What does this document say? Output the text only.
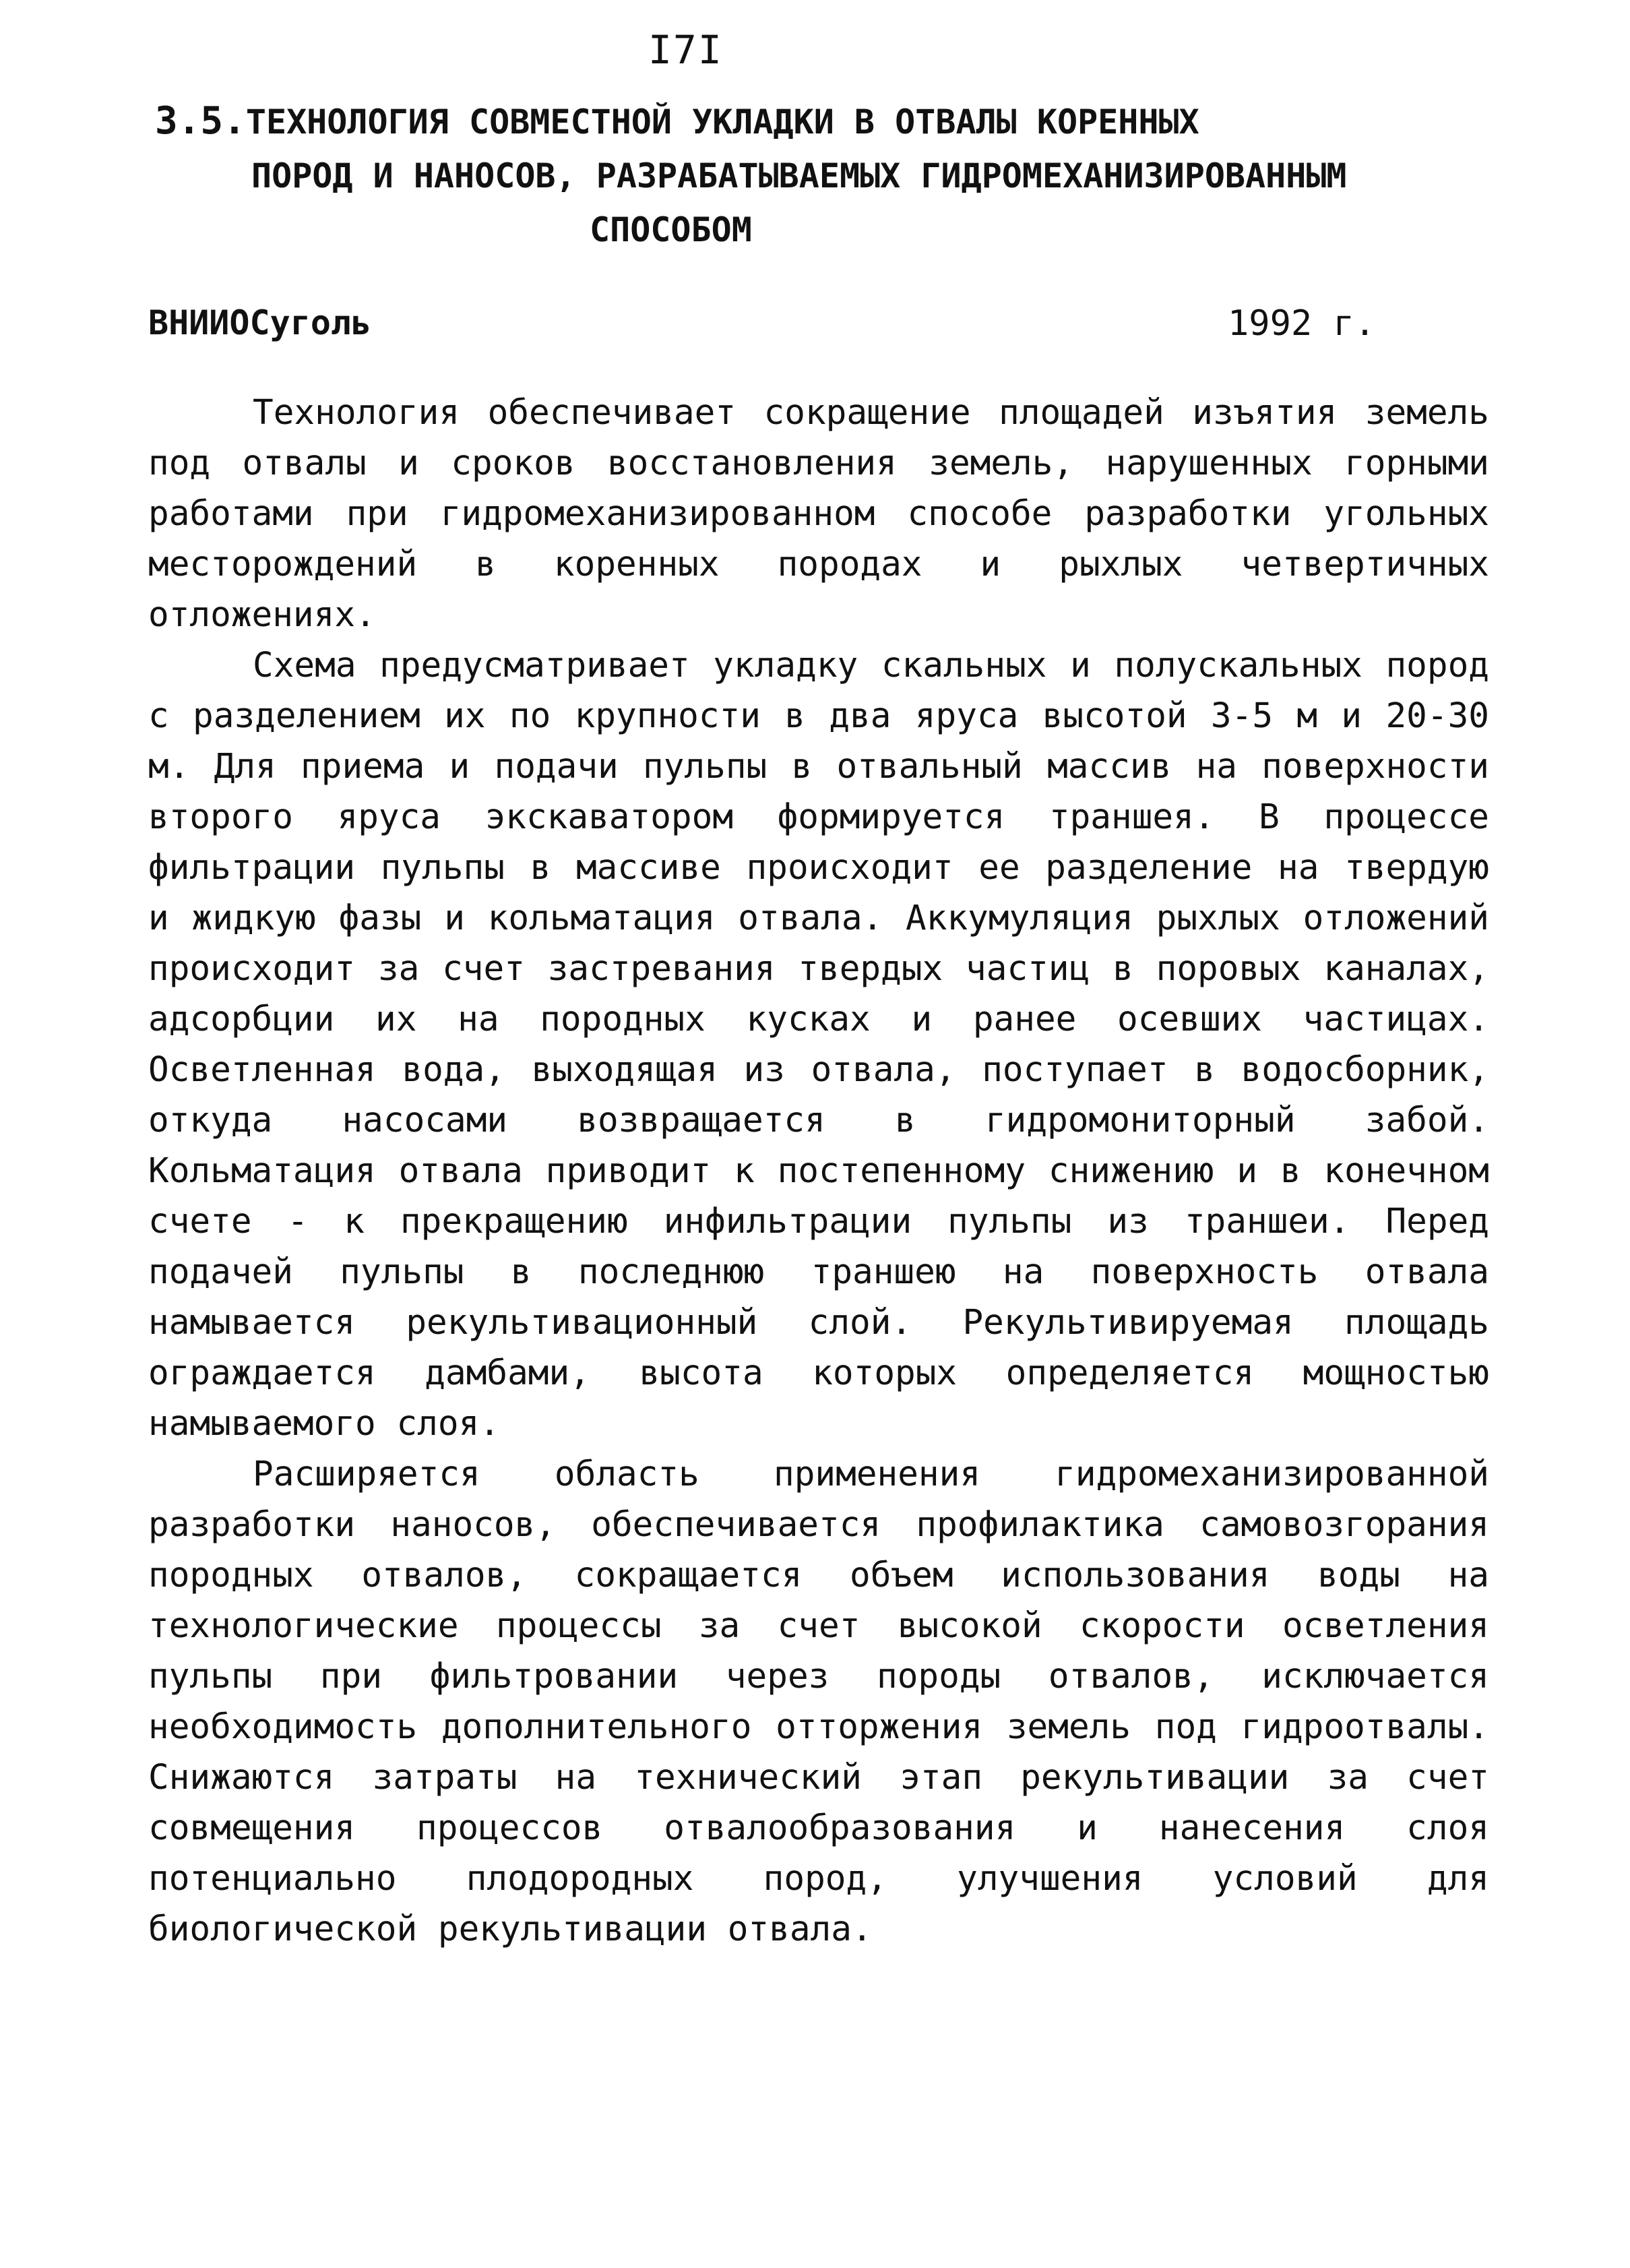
I7I
3.5.ТЕХНОЛОГИЯ СОВМЕСТНОЙ УКЛАДКИ В ОТВАЛЫ КОРЕННЫХ
ПОРОД И НАНОСОВ, РАЗРАБАТЫВАЕМЫХ ГИДРОМЕХАНИЗИРОВАННЫМ
СПОСОБОМ
ВНИИОСуголь	1992 г.

Технология обеспечивает сокращение площадей изъятия земель под отвалы и сроков восстановления земель, нарушенных горными работами при гидромеханизированном способе разработки угольных месторождений в коренных породах и рыхлых четвертичных отложениях.

Схема предусматривает укладку скальных и полускальных пород с разделением их по крупности в два яруса высотой 3-5 м и 20-30 м. Для приема и подачи пульпы в отвальный массив на поверхности второго яруса экскаватором формируется траншея. В процессе фильтрации пульпы в массиве происходит ее разделение на твердую и жидкую фазы и кольматация отвала. Аккумуляция рыхлых отложений происходит за счет застревания твердых частиц в поровых каналах, адсорбции их на породных кусках и ранее осевших частицах. Осветленная вода, выходящая из отвала, поступает в водосборник, откуда насосами возвращается в гидромониторный забой. Кольматация отвала приводит к постепенному снижению и в конечном счете - к прекращению инфильтрации пульпы из траншеи. Перед подачей пульпы в последнюю траншею на поверхность отвала намывается рекультивационный слой. Рекультивируемая площадь ограждается дамбами, высота которых определяется мощностью намываемого слоя.

Расширяется область применения гидромеханизированной разработки наносов, обеспечивается профилактика самовозгорания породных отвалов, сокращается объем использования воды на технологические процессы за счет высокой скорости осветления пульпы при фильтровании через породы отвалов, исключается необходимость дополнительного отторжения земель под гидроотвалы. Снижаются затраты на технический этап рекультивации за счет совмещения процессов отвалообразования и нанесения слоя потенциально плодородных пород, улучшения условий для биологической рекультивации отвала.
